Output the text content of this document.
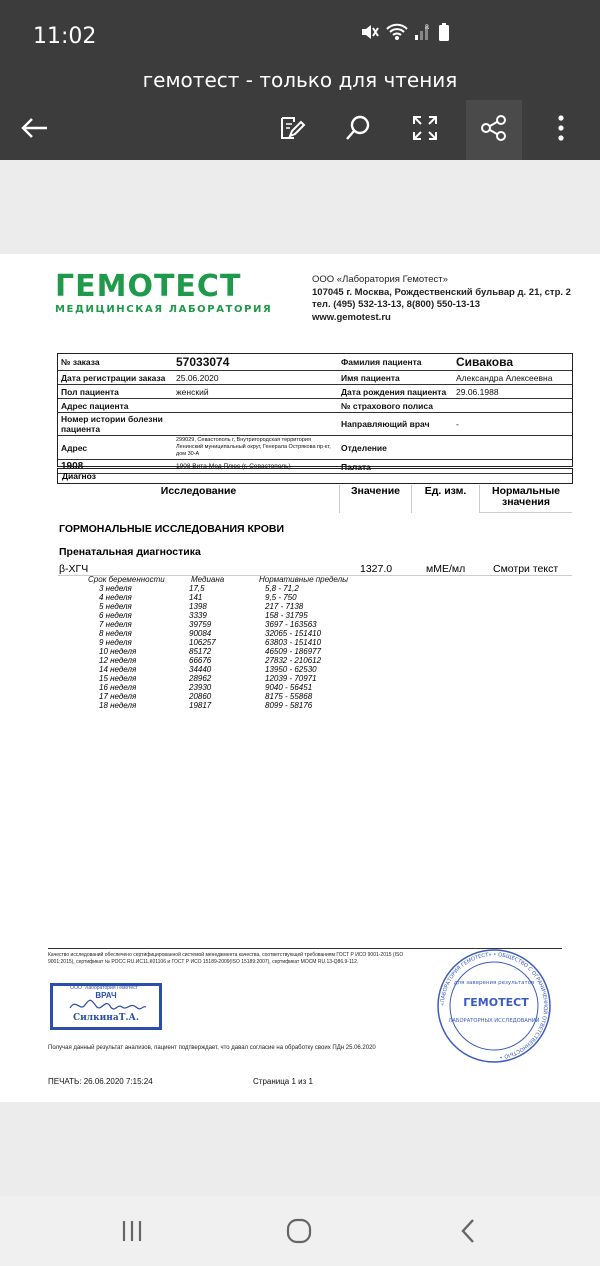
11:02	R
гемотест - только для чтения
ГЕМОТЕСТ
МЕДИЦИНСКАЯ ЛАБОРАТОРИЯ
ООО «Лаборатория Гемотест»
107045 г. Москва, Рождественский бульвар д. 21, стр. 2
тел. (495) 532-13-13, 8(800) 550-13-13
www.gemotest.ru
№ заказа	57033074	Фамилия пациента	Сивакова
Дата регистрации заказа	25.06.2020	Имя пациента	Александра Алексеевна
Пол пациента	женский	Дата рождения пациента	29.06.1988
Адрес пациента		№ страхового полиса	
Номер истории болезни пациента		Направляющий врач	-
Адрес	299029, Севастополь г, Внутригородская территория Ленинский муниципальный округ, Генерала Острякова пр-кт, дом 30-А	Отделение	
1908	1908 Вита-Мед Плюс (г. Севастополь)	Палата	
Диагноз
Исследование	Значение	Ед. изм.	Нормальные значения
ГОРМОНАЛЬНЫЕ ИССЛЕДОВАНИЯ КРОВИ
Пренатальная диагностика
β-ХГЧ	1327.0	мМЕ/мл	Смотри текст
Срок беременности	Медиана	Нормативные пределы
3 неделя	17,5	5,8 - 71,2
4 неделя	141	9,5 - 750
5 неделя	1398	217 - 7138
6 неделя	3339	158 - 31795
7 неделя	39759	3697 - 163563
8 неделя	90084	32065 - 151410
9 неделя	106257	63803 - 151410
10 неделя	85172	46509 - 186977
12 неделя	66676	27832 - 210612
14 неделя	34440	13950 - 62530
15 неделя	28962	12039 - 70971
16 неделя	23930	9040 - 56451
17 неделя	20860	8175 - 55868
18 неделя	19817	8099 - 58176
Качество исследований обеспечено сертифицированной системой менеджмента качества, соответствующей требованиям ГОСТ Р ИСО 9001-2015 (ISO 9001:2015), сертификат № РОСС RU.ИС11.К01106 и ГОСТ Р ИСО 15189-2009(ISO 15189:2007), сертификат МОСМ RU.13-Q86.9-112.
ООО "Лаборатория Гемотест"
ВРАЧ
СилкинаТ.А.
«ЛАБОРАТОРИЯ ГЕМОТЕСТ» • ОБЩЕСТВО С ОГРАНИЧЕННОЙ ОТВЕТСТВЕННОСТЬЮ •
для заверения результатов
ГЕМОТЕСТ
ЛАБОРАТОРНЫХ ИССЛЕДОВАНИЙ
Получая данный результат анализов, пациент подтверждает, что давал согласие на обработку своих ПДн 25.06.2020
ПЕЧАТЬ: 26.06.2020 7:15:24	Страница 1 из 1
